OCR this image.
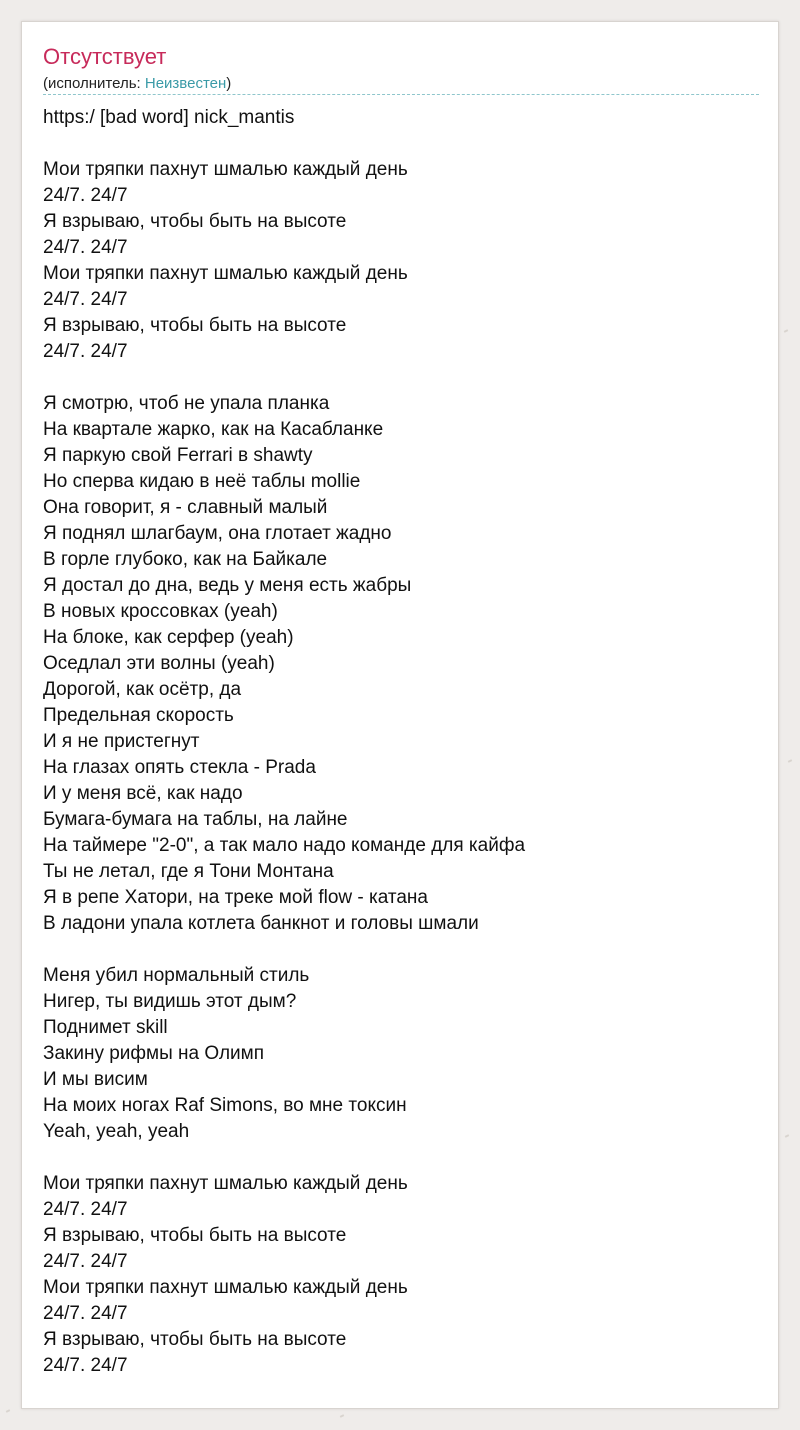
Отсутствует
(исполнитель: Неизвестен)
https:/ [bad word] nick_mantis
Мои тряпки пахнут шмалью каждый день
24/7. 24/7
Я взрываю, чтобы быть на высоте
24/7. 24/7
Мои тряпки пахнут шмалью каждый день
24/7. 24/7
Я взрываю, чтобы быть на высоте
24/7. 24/7
Я смотрю, чтоб не упала планка
На квартале жарко, как на Касабланке
Я паркую свой Ferrari в shawty
Но сперва кидаю в неё таблы mollie
Она говорит, я - славный малый
Я поднял шлагбаум, она глотает жадно
В горле глубоко, как на Байкале
Я достал до дна, ведь у меня есть жабры
В новых кроссовках (yeah)
На блоке, как серфер (yeah)
Оседлал эти волны (yeah)
Дорогой, как осётр, да
Предельная скорость
И я не пристегнут
На глазах опять стекла - Prada
И у меня всё, как надо
Бумага-бумага на таблы, на лайне
На таймере "2-0", а так мало надо команде для кайфа
Ты не летал, где я Тони Монтана
Я в репе Хатори, на треке мой flow - катана
В ладони упала котлета банкнот и головы шмали
Меня убил нормальный стиль
Нигер, ты видишь этот дым?
Поднимет skill
Закину рифмы на Олимп
И мы висим
На моих ногах Raf Simons, во мне токсин
Yeah, yeah, yeah
Мои тряпки пахнут шмалью каждый день
24/7. 24/7
Я взрываю, чтобы быть на высоте
24/7. 24/7
Мои тряпки пахнут шмалью каждый день
24/7. 24/7
Я взрываю, чтобы быть на высоте
24/7. 24/7
